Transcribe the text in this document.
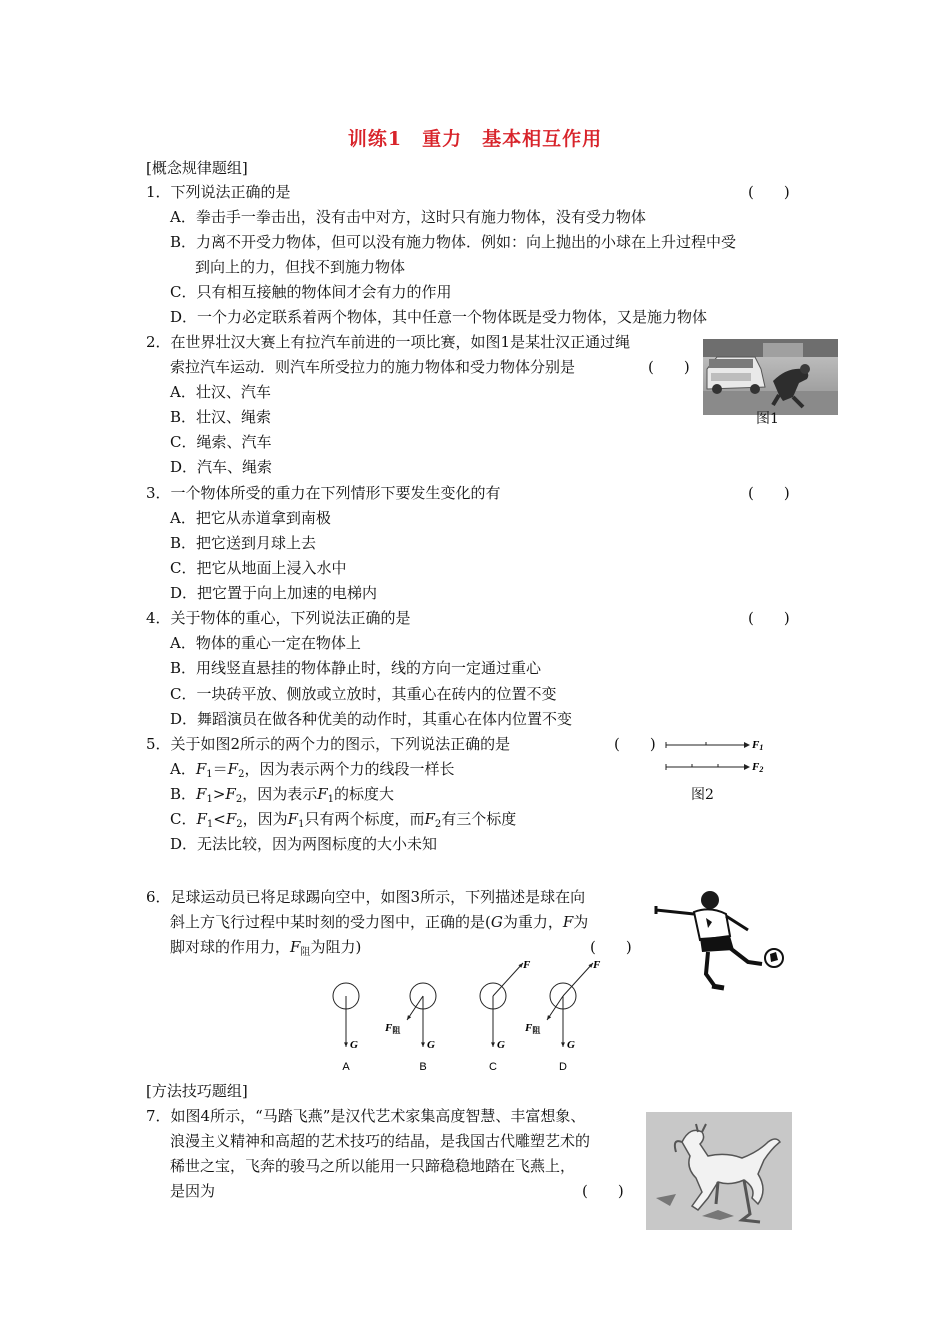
训练1　重力　基本相互作用
[概念规律题组]
1．下列说法正确的是	(　　)
A．拳击手一拳击出，没有击中对方，这时只有施力物体，没有受力物体
B．力离不开受力物体，但可以没有施力物体．例如：向上抛出的小球在上升过程中受
到向上的力，但找不到施力物体
C．只有相互接触的物体间才会有力的作用
D．一个力必定联系着两个物体，其中任意一个物体既是受力物体，又是施力物体
2．在世界壮汉大赛上有拉汽车前进的一项比赛，如图1是某壮汉正通过绳
索拉汽车运动．则汽车所受拉力的施力物体和受力物体分别是	(　　)
A．壮汉、汽车
B．壮汉、绳索
C．绳索、汽车
D．汽车、绳索
图1
3．一个物体所受的重力在下列情形下要发生变化的有	(　　)
A．把它从赤道拿到南极
B．把它送到月球上去
C．把它从地面上浸入水中
D．把它置于向上加速的电梯内
4．关于物体的重心，下列说法正确的是	(　　)
A．物体的重心一定在物体上
B．用线竖直悬挂的物体静止时，线的方向一定通过重心
C．一块砖平放、侧放或立放时，其重心在砖内的位置不变
D．舞蹈演员在做各种优美的动作时，其重心在体内位置不变
5．关于如图2所示的两个力的图示，下列说法正确的是	(　　)
A．$F_1=F_2$，因为表示两个力的线段一样长
B．$F_1>F_2$，因为表示$F_1$的标度大
C．$F_1<F_2$，因为$F_1$只有两个标度，而$F_2$有三个标度
D．无法比较，因为两图标度的大小未知
F1
F2
图2
6．足球运动员已将足球踢向空中，如图3所示，下列描述是球在向
斜上方飞行过程中某时刻的受力图中，正确的是(G为重力，F为
脚对球的作用力，$F_阻$为阻力)	(　　)
G
A
G
F阻
B
G
F
C
G
F阻
F
D
[方法技巧题组]
7．如图4所示，“马踏飞燕”是汉代艺术家集高度智慧、丰富想象、
浪漫主义精神和高超的艺术技巧的结晶，是我国古代雕塑艺术的
稀世之宝，飞奔的骏马之所以能用一只蹄稳稳地踏在飞燕上，
是因为	(　　)
